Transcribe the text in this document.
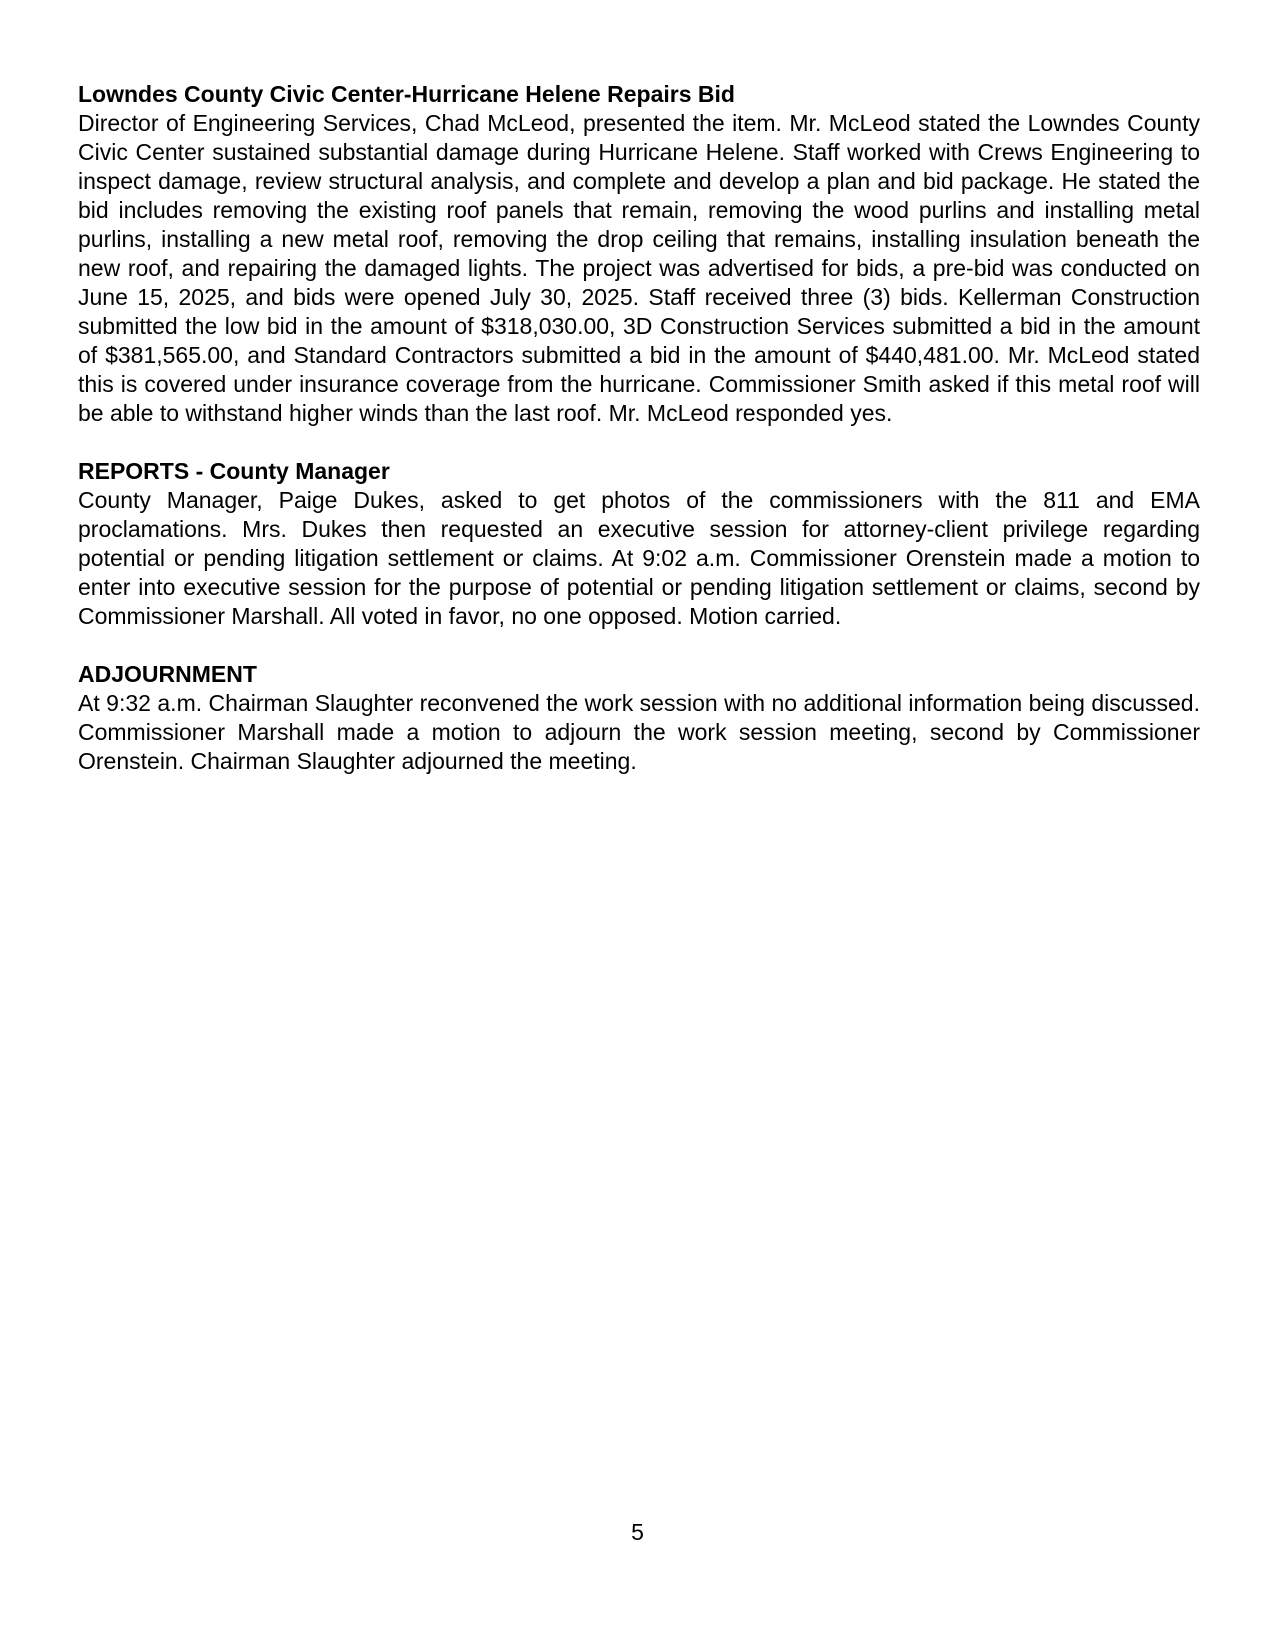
Lowndes County Civic Center-Hurricane Helene Repairs Bid

Director of Engineering Services, Chad McLeod, presented the item. Mr. McLeod stated the Lowndes County Civic Center sustained substantial damage during Hurricane Helene. Staff worked with Crews Engineering to inspect damage, review structural analysis, and complete and develop a plan and bid package. He stated the bid includes removing the existing roof panels that remain, removing the wood purlins and installing metal purlins, installing a new metal roof, removing the drop ceiling that remains, installing insulation beneath the new roof, and repairing the damaged lights. The project was advertised for bids, a pre-bid was conducted on June 15, 2025, and bids were opened July 30, 2025. Staff received three (3) bids. Kellerman Construction submitted the low bid in the amount of $318,030.00, 3D Construction Services submitted a bid in the amount of $381,565.00, and Standard Contractors submitted a bid in the amount of $440,481.00. Mr. McLeod stated this is covered under insurance coverage from the hurricane. Commissioner Smith asked if this metal roof will be able to withstand higher winds than the last roof. Mr. McLeod responded yes.

REPORTS - County Manager

County Manager, Paige Dukes, asked to get photos of the commissioners with the 811 and EMA proclamations. Mrs. Dukes then requested an executive session for attorney-client privilege regarding potential or pending litigation settlement or claims. At 9:02 a.m. Commissioner Orenstein made a motion to enter into executive session for the purpose of potential or pending litigation settlement or claims, second by Commissioner Marshall. All voted in favor, no one opposed. Motion carried.

ADJOURNMENT

At 9:32 a.m. Chairman Slaughter reconvened the work session with no additional information being discussed. Commissioner Marshall made a motion to adjourn the work session meeting, second by Commissioner Orenstein. Chairman Slaughter adjourned the meeting.

5
